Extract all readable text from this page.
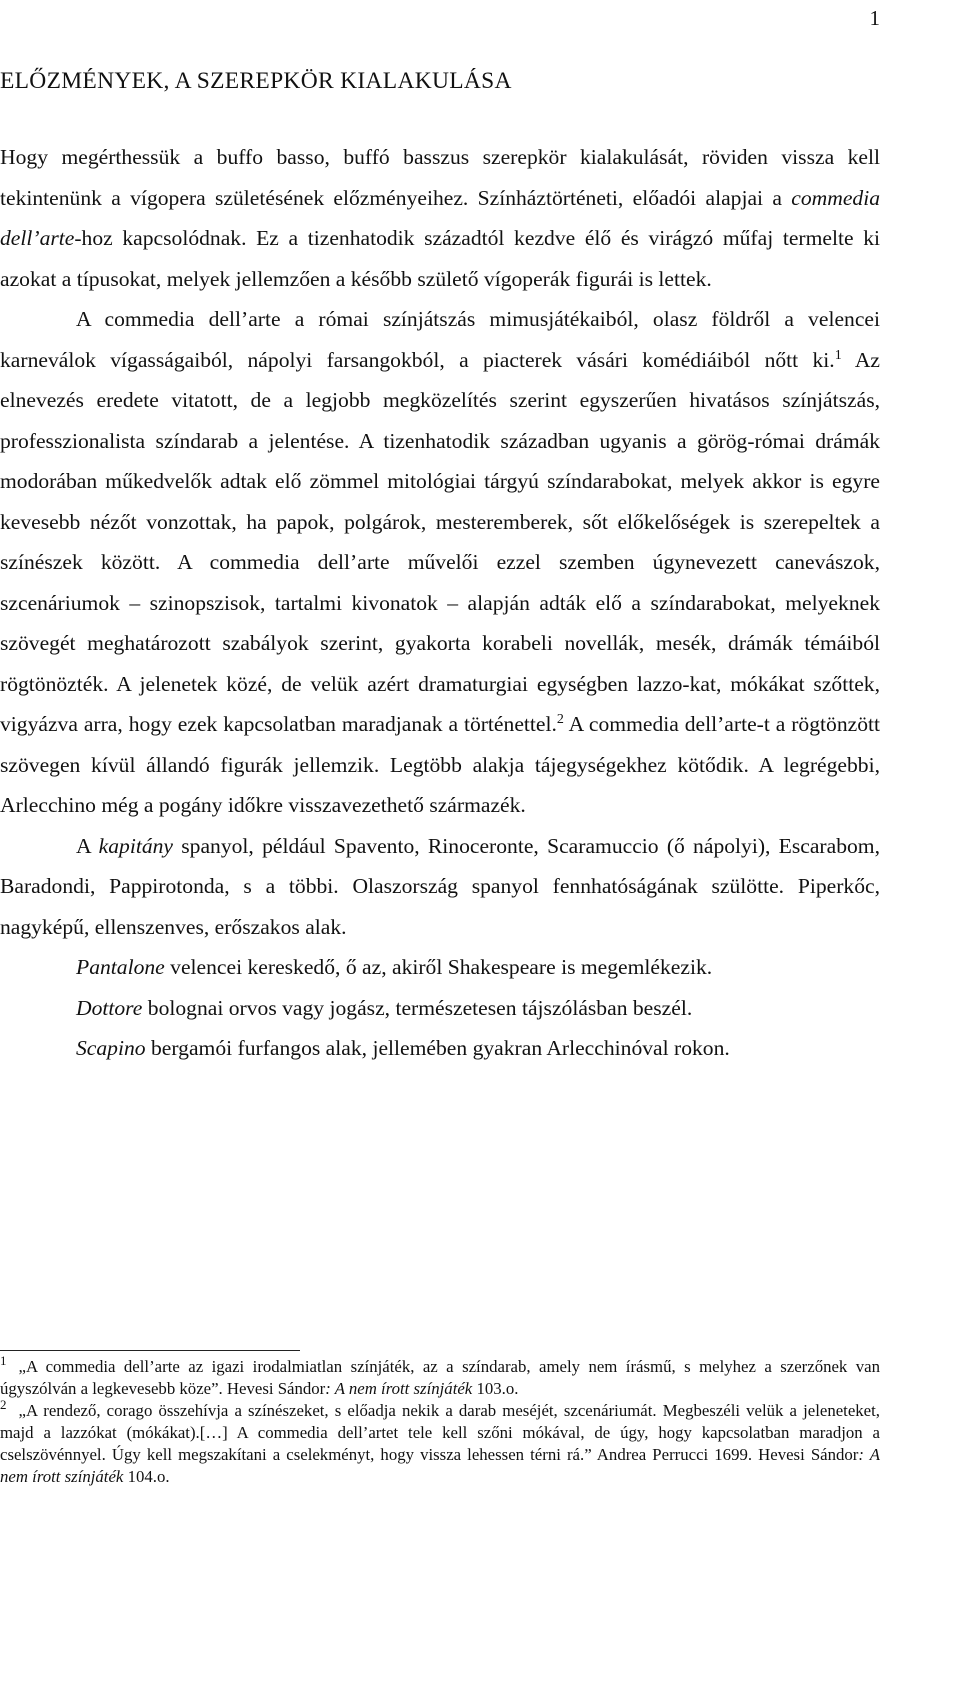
1
ELŐZMÉNYEK, A SZEREPKÖR KIALAKULÁSA

Hogy megérthessük a buffo basso, buffó basszus szerepkör kialakulását, röviden vissza kell tekintenünk a vígopera születésének előzményeihez. Színháztörténeti, előadói alapjai a commedia dell’arte-hoz kapcsolódnak. Ez a tizenhatodik századtól kezdve élő és virágzó műfaj termelte ki azokat a típusokat, melyek jellemzően a később születő vígoperák figurái is lettek.

A commedia dell’arte a római színjátszás mimusjátékaiból, olasz földről a velencei karneválok vígasságaiból, nápolyi farsangokból, a piacterek vásári komédiáiból nőtt ki.$^1$ Az elnevezés eredete vitatott, de a legjobb megközelítés szerint egyszerűen hivatásos színjátszás, professzionalista színdarab a jelentése. A tizenhatodik században ugyanis a görög-római drámák modorában műkedvelők adtak elő zömmel mitológiai tárgyú színdarabokat, melyek akkor is egyre kevesebb nézőt vonzottak, ha papok, polgárok, mesteremberek, sőt előkelőségek is szerepeltek a színészek között. A commedia dell’arte művelői ezzel szemben úgynevezett canevászok, szcenáriumok – szinopszisok, tartalmi kivonatok – alapján adták elő a színdarabokat, melyeknek szövegét meghatározott szabályok szerint, gyakorta korabeli novellák, mesék, drámák témáiból rögtönözték. A jelenetek közé, de velük azért dramaturgiai egységben lazzo-kat, mókákat szőttek, vigyázva arra, hogy ezek kapcsolatban maradjanak a történettel.$^2$ A commedia dell’arte-t a rögtönzött szövegen kívül állandó figurák jellemzik. Legtöbb alakja tájegységekhez kötődik. A legrégebbi, Arlecchino még a pogány időkre visszavezethető származék.

A kapitány spanyol, például Spavento, Rinoceronte, Scaramuccio (ő nápolyi), Escarabom, Baradondi, Pappirotonda, s a többi. Olaszország spanyol fennhatóságának szülötte. Piperkőc, nagyképű, ellenszenves, erőszakos alak.

Pantalone velencei kereskedő, ő az, akiről Shakespeare is megemlékezik.

Dottore bolognai orvos vagy jogász, természetesen tájszólásban beszél.

Scapino bergamói furfangos alak, jellemében gyakran Arlecchinóval rokon.

$^1$ „A commedia dell’arte az igazi irodalmiatlan színjáték, az a színdarab, amely nem írásmű, s melyhez a szerzőnek van úgyszólván a legkevesebb köze”. Hevesi Sándor: A nem írott színjáték 103.o.

$^2$ „A rendező, corago összehívja a színészeket, s előadja nekik a darab meséjét, szcenáriumát. Megbeszéli velük a jeleneteket, majd a lazzókat (mókákat).[…] A commedia dell’artet tele kell szőni mókával, de úgy, hogy kapcsolatban maradjon a cselszövénnyel. Úgy kell megszakítani a cselekményt, hogy vissza lehessen térni rá.” Andrea Perrucci 1699. Hevesi Sándor: A nem írott színjáték 104.o.
